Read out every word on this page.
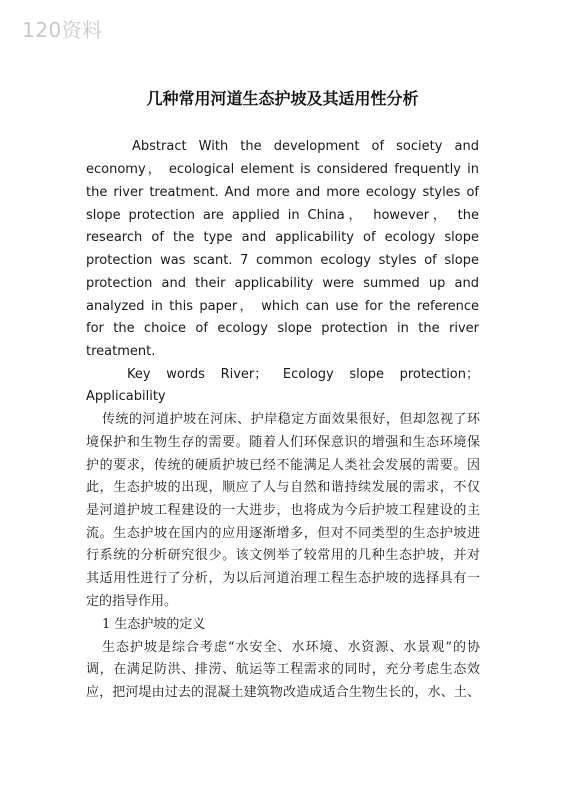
120资料
几种常用河道生态护坡及其适用性分析
Abstract With the development of society and
economy， ecological element is considered frequently in
the river treatment. And more and more ecology styles of
slope protection are applied in China， however， the
research of the type and applicability of ecology slope
protection was scant. 7 common ecology styles of slope
protection and their applicability were summed up and
analyzed in this paper， which can use for the reference
for the choice of ecology slope protection in the river
treatment.
Key words River； Ecology slope protection；
Applicability
传统的河道护坡在河床、护岸稳定方面效果很好，但却忽视了环
境保护和生物生存的需要。随着人们环保意识的增强和生态环境保
护的要求，传统的硬质护坡已经不能满足人类社会发展的需要。因
此，生态护坡的出现，顺应了人与自然和谐持续发展的需求，不仅
是河道护坡工程建设的一大进步，也将成为今后护坡工程建设的主
流。生态护坡在国内的应用逐渐增多，但对不同类型的生态护坡进
行系统的分析研究很少。该文例举了较常用的几种生态护坡，并对
其适用性进行了分析，为以后河道治理工程生态护坡的选择具有一
定的指导作用。
1 生态护坡的定义
生态护坡是综合考虑“水安全、水环境、水资源、水景观”的协
调，在满足防洪、排涝、航运等工程需求的同时，充分考虑生态效
应，把河堤由过去的混凝土建筑物改造成适合生物生长的，水、土、
